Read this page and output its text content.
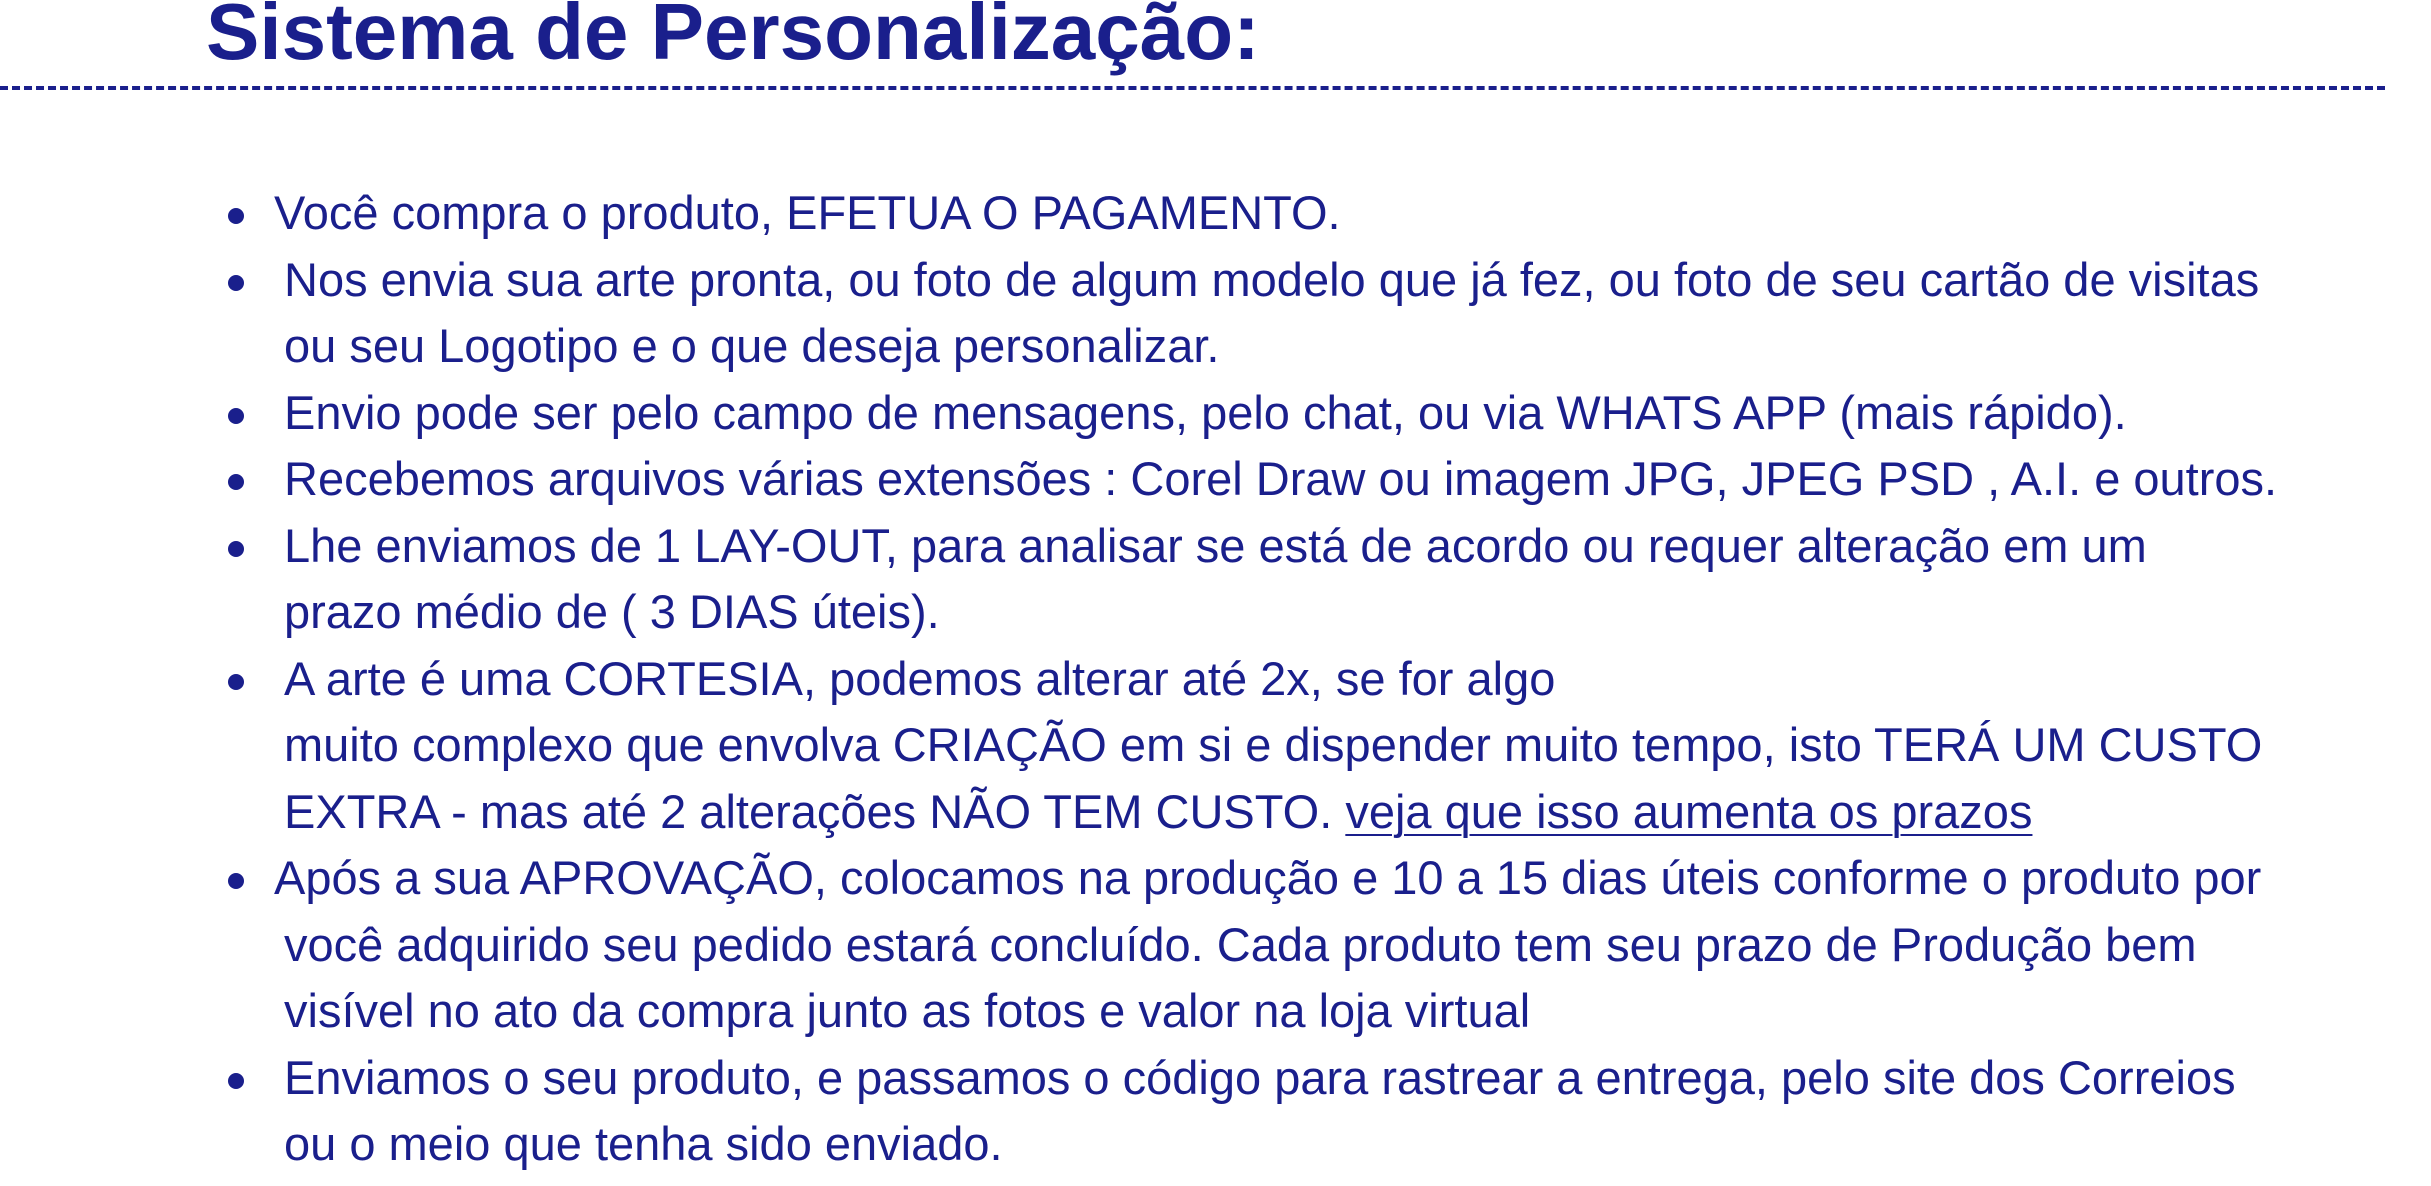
Sistema de Personalização:
Você compra o produto, EFETUA O PAGAMENTO.
Nos envia sua arte pronta, ou foto de algum modelo que já fez, ou foto de seu cartão de visitas
ou seu Logotipo e o que deseja personalizar.
Envio pode ser pelo campo de mensagens, pelo chat, ou via WHATS APP (mais rápido).
Recebemos arquivos várias extensões : Corel Draw ou imagem JPG, JPEG PSD , A.I. e outros.
Lhe enviamos de 1 LAY-OUT, para analisar se está de acordo ou requer alteração em um
prazo médio de ( 3 DIAS úteis).
A arte é uma CORTESIA, podemos alterar até 2x, se for algo
muito complexo que envolva CRIAÇÃO em si e dispender muito tempo, isto TERÁ UM CUSTO
EXTRA - mas até 2 alterações NÃO TEM CUSTO. veja que isso aumenta os prazos
Após a sua APROVAÇÃO, colocamos na produção e 10 a 15 dias úteis conforme o produto por
você adquirido seu pedido estará concluído. Cada produto tem seu prazo de Produção bem
visível no ato da compra junto as fotos e valor na loja virtual
Enviamos o seu produto, e passamos o código para rastrear a entrega, pelo site dos Correios
ou o meio que tenha sido enviado.
